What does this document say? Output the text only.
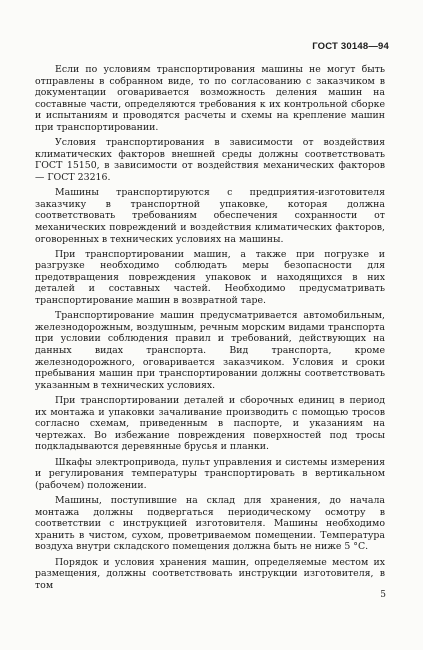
ГОСТ 30148—94

Если по условиям транспортирования машины не могут быть отправлены в собранном виде, то по согласованию с заказчиком в документации оговаривается возможность деления машин на составные части, определяются требования к их контрольной сборке и испытаниям и проводятся расчеты и схемы на крепление машин при транспортировании.

Условия транспортирования в зависимости от воздействия климатических факторов внешней среды должны соответствовать ГОСТ 15150, в зависимости от воздействия механических факторов — ГОСТ 23216.

Машины транспортируются с предприятия-изготовителя заказчику в транспортной упаковке, которая должна соответствовать требованиям обеспечения сохранности от механических повреждений и воздействия климатических факторов, оговоренных в технических условиях на машины.

При транспортировании машин, а также при погрузке и разгрузке необходимо соблюдать меры безопасности для предотвращения повреждения упаковок и находящихся в них деталей и составных частей. Необходимо предусматривать транспортирование машин в возвратной таре.

Транспортирование машин предусматривается автомобильным, железнодорожным, воздушным, речным морским видами транспорта при условии соблюдения правил и требований, действующих на данных видах транспорта. Вид транспорта, кроме железнодорожного, оговаривается заказчиком. Условия и сроки пребывания машин при транспортировании должны соответствовать указанным в технических условиях.

При транспортировании деталей и сборочных единиц в период их монтажа и упаковки зачаливание производить с помощью тросов согласно схемам, приведенным в паспорте, и указаниям на чертежах. Во избежание повреждения поверхностей под тросы подкладываются деревянные брусья и планки.

Шкафы электропривода, пульт управления и системы измерения и регулирования температуры транспортировать в вертикальном (рабочем) положении.

Машины, поступившие на склад для хранения, до начала монтажа должны подвергаться периодическому осмотру в соответствии с инструкцией изготовителя. Машины необходимо хранить в чистом, сухом, проветриваемом помещении. Температура воздуха внутри складского помещения должна быть не ниже 5 °С.

Порядок и условия хранения машин, определяемые местом их размещения, должны соответствовать инструкции изготовителя, в том

5
